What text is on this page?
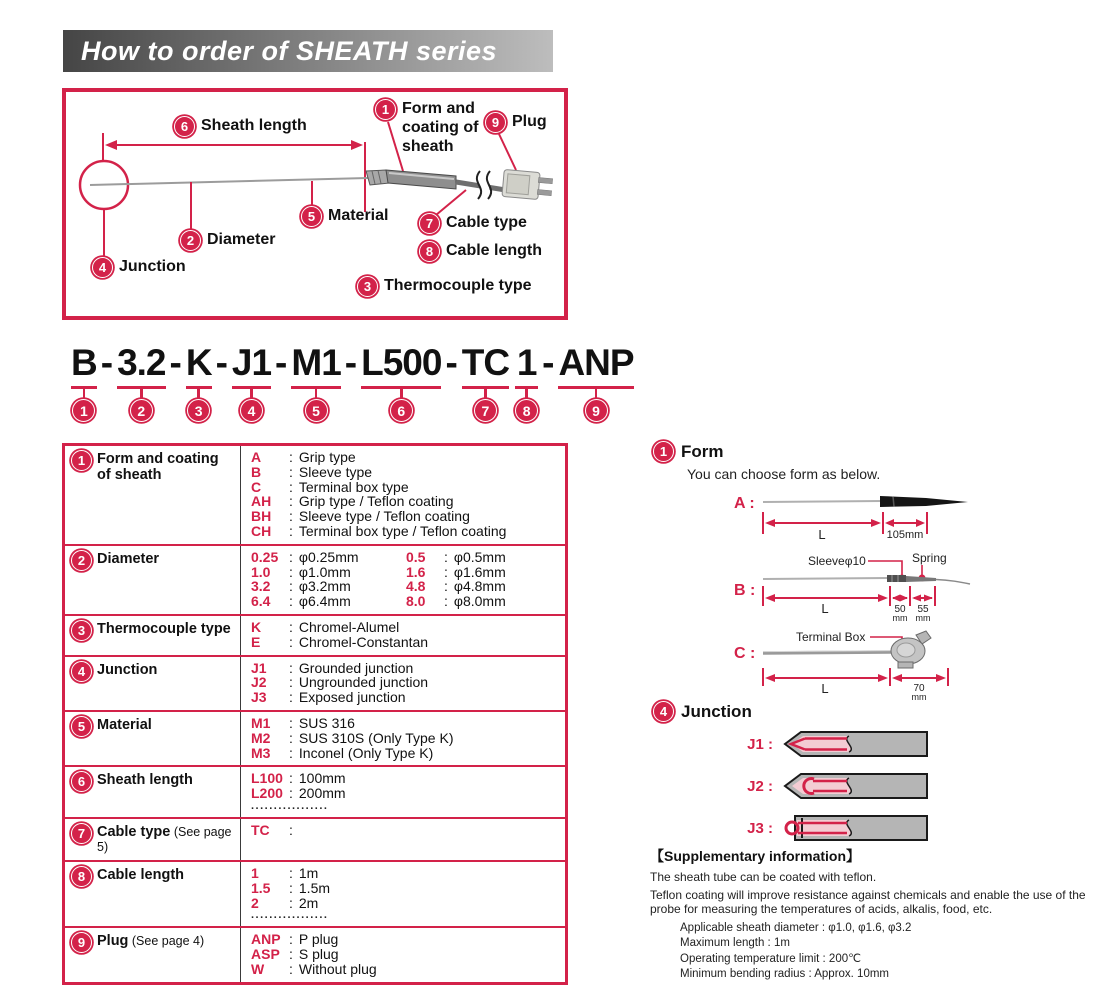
How to order of SHEATH series
6 Sheath length
1 Form and coating of sheath
9 Plug
5 Material
2 Diameter
4 Junction
7 Cable type
8 Cable length
3 Thermocouple type
B
1
- 3.2
2
- K
3
- J1
4
- M1
5
- L500
6
- TC
7
1
8
- ANP
9
1 Form and coating of sheath
A	: Grip type
B	: Sleeve type
C	: Terminal box type
AH	: Grip type / Teflon coating
BH	: Sleeve type / Teflon coating
CH	: Terminal box type / Teflon coating
2 Diameter	0.25 : φ0.25mm	0.5	: φ0.5mm
1.0	: φ1.0mm	1.6	: φ1.6mm
3.2	: φ3.2mm	4.8	: φ4.8mm
6.4	: φ6.4mm	8.0	: φ8.0mm
3 Thermocouple type K	: Chromel-Alumel
E	: Chromel-Constantan
4 Junction	J1	: Grounded junction
J2	: Ungrounded junction
J3	: Exposed junction
5 Material	M1	: SUS 316
M2	: SUS 310S (Only Type K)
M3	: Inconel (Only Type K)
6 Sheath length	L100 : 100mm
L200 : 200mm
.................
7 Cable type (See page 5)
TC	:
8 Cable length	1	: 1m
1.5	: 1.5m
2	: 2m
.................
9 Plug (See page 4)	ANP : P plug
ASP : S plug
W	: Without plug
1 Form
You can choose form as below.
A :
L	105mm
B :
Sleeveφ10	Spring
L	50
mm
55
mm
C :
Terminal Box
L	70
mm
4 Junction
J1 :
J2 :
J3 :
【Supplementary information】

The sheath tube can be coated with teflon.

Teflon coating will improve resistance against chemicals and enable the use of the probe for measuring the temperatures of acids, alkalis, food, etc.

Applicable sheath diameter : φ1.0, φ1.6, φ3.2
Maximum length : 1m
Operating temperature limit : 200℃
Minimum bending radius : Approx. 10mm
